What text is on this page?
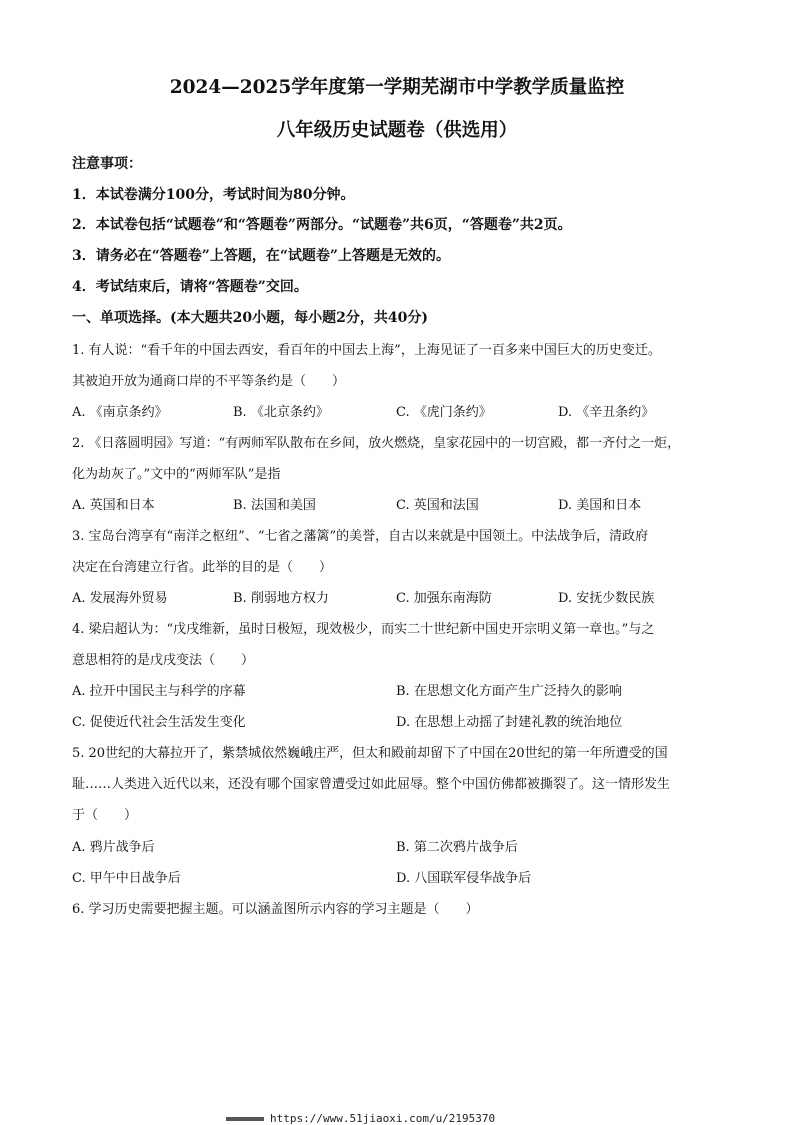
2024—2025学年度第一学期芜湖市中学教学质量监控
八年级历史试题卷（供选用）
注意事项：
1．本试卷满分100分，考试时间为80分钟。
2．本试卷包括“试题卷”和“答题卷”两部分。“试题卷”共6页，“答题卷”共2页。
3．请务必在“答题卷”上答题，在“试题卷”上答题是无效的。
4．考试结束后，请将“答题卷”交回。
一、单项选择。(本大题共20小题，每小题2分，共40分)
1. 有人说：“看千年的中国去西安，看百年的中国去上海”，上海见证了一百多来中国巨大的历史变迁。
其被迫开放为通商口岸的不平等条约是（　　）
A. 《南京条约》	B. 《北京条约》	C. 《虎门条约》	D. 《辛丑条约》
2. 《日落圆明园》写道：“有两师军队散布在乡间，放火燃烧，皇家花园中的一切宫殿，都一齐付之一炬，
化为劫灰了。”文中的“两师军队”是指
A. 英国和日本	B. 法国和美国	C. 英国和法国	D. 美国和日本
3. 宝岛台湾享有“南洋之枢纽”、“七省之藩篱”的美誉，自古以来就是中国领土。中法战争后，清政府
决定在台湾建立行省。此举的目的是（　　）
A. 发展海外贸易	B. 削弱地方权力	C. 加强东南海防	D. 安抚少数民族
4. 梁启超认为：“戊戌维新，虽时日极短，现效极少，而实二十世纪新中国史开宗明义第一章也。”与之
意思相符的是戊戌变法（　　）
A. 拉开中国民主与科学的序幕	B. 在思想文化方面产生广泛持久的影响
C. 促使近代社会生活发生变化	D. 在思想上动摇了封建礼教的统治地位
5. 20世纪的大幕拉开了，紫禁城依然巍峨庄严，但太和殿前却留下了中国在20世纪的第一年所遭受的国
耻……人类进入近代以来，还没有哪个国家曾遭受过如此屈辱。整个中国仿佛都被撕裂了。这一情形发生
于（　　）
A. 鸦片战争后	B. 第二次鸦片战争后
C. 甲午中日战争后	D. 八国联军侵华战争后
6. 学习历史需要把握主题。可以涵盖图所示内容的学习主题是（　　）
https://www.51jiaoxi.com/u/2195370
